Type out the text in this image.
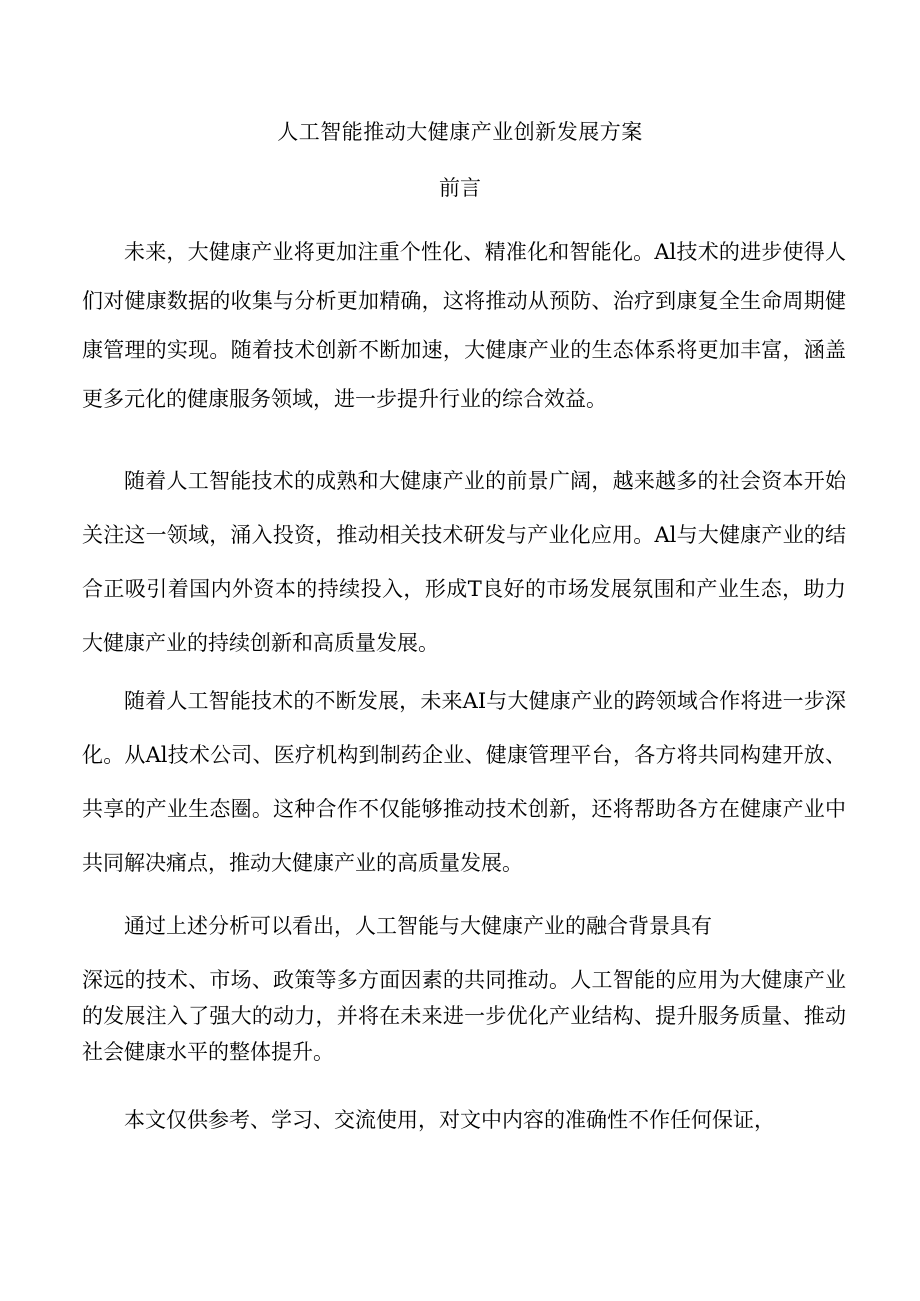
人工智能推动大健康产业创新发展方案
前言

未来，大健康产业将更加注重个性化、精准化和智能化。Al技术的进步使得人们对健康数据的收集与分析更加精确，这将推动从预防、治疗到康复全生命周期健康管理的实现。随着技术创新不断加速，大健康产业的生态体系将更加丰富，涵盖更多元化的健康服务领域，进一步提升行业的综合效益。

随着人工智能技术的成熟和大健康产业的前景广阔，越来越多的社会资本开始关注这一领域，涌入投资，推动相关技术研发与产业化应用。Al与大健康产业的结合正吸引着国内外资本的持续投入，形成T良好的市场发展氛围和产业生态，助力大健康产业的持续创新和高质量发展。

随着人工智能技术的不断发展，未来AI与大健康产业的跨领域合作将进一步深化。从Al技术公司、医疗机构到制药企业、健康管理平台，各方将共同构建开放、共享的产业生态圈。这种合作不仅能够推动技术创新，还将帮助各方在健康产业中共同解决痛点，推动大健康产业的高质量发展。

通过上述分析可以看出，人工智能与大健康产业的融合背景具有

深远的技术、市场、政策等多方面因素的共同推动。人工智能的应用为大健康产业的发展注入了强大的动力，并将在未来进一步优化产业结构、提升服务质量、推动社会健康水平的整体提升。

本文仅供参考、学习、交流使用，对文中内容的准确性不作任何保证，
